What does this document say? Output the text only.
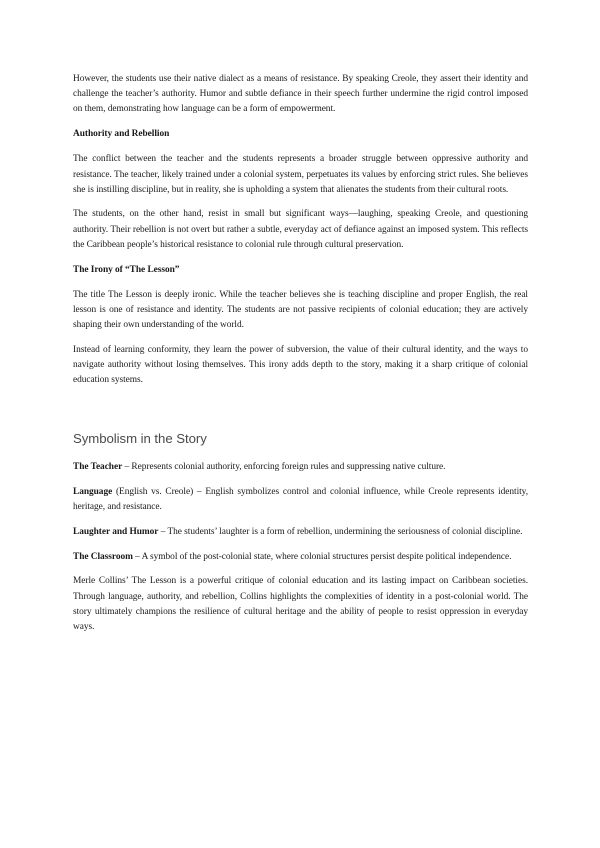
However, the students use their native dialect as a means of resistance. By speaking Creole, they assert their identity and challenge the teacher’s authority. Humor and subtle defiance in their speech further undermine the rigid control imposed on them, demonstrating how language can be a form of empowerment.

Authority and Rebellion

The conflict between the teacher and the students represents a broader struggle between oppressive authority and resistance. The teacher, likely trained under a colonial system, perpetuates its values by enforcing strict rules. She believes she is instilling discipline, but in reality, she is upholding a system that alienates the students from their cultural roots.

The students, on the other hand, resist in small but significant ways—laughing, speaking Creole, and questioning authority. Their rebellion is not overt but rather a subtle, everyday act of defiance against an imposed system. This reflects the Caribbean people’s historical resistance to colonial rule through cultural preservation.

The Irony of “The Lesson”

The title The Lesson is deeply ironic. While the teacher believes she is teaching discipline and proper English, the real lesson is one of resistance and identity. The students are not passive recipients of colonial education; they are actively shaping their own understanding of the world.

Instead of learning conformity, they learn the power of subversion, the value of their cultural identity, and the ways to navigate authority without losing themselves. This irony adds depth to the story, making it a sharp critique of colonial education systems.

Symbolism in the Story

The Teacher – Represents colonial authority, enforcing foreign rules and suppressing native culture.

Language (English vs. Creole) – English symbolizes control and colonial influence, while Creole represents identity, heritage, and resistance.

Laughter and Humor – The students’ laughter is a form of rebellion, undermining the seriousness of colonial discipline.

The Classroom – A symbol of the post-colonial state, where colonial structures persist despite political independence.

Merle Collins’ The Lesson is a powerful critique of colonial education and its lasting impact on Caribbean societies. Through language, authority, and rebellion, Collins highlights the complexities of identity in a post-colonial world. The story ultimately champions the resilience of cultural heritage and the ability of people to resist oppression in everyday ways.
